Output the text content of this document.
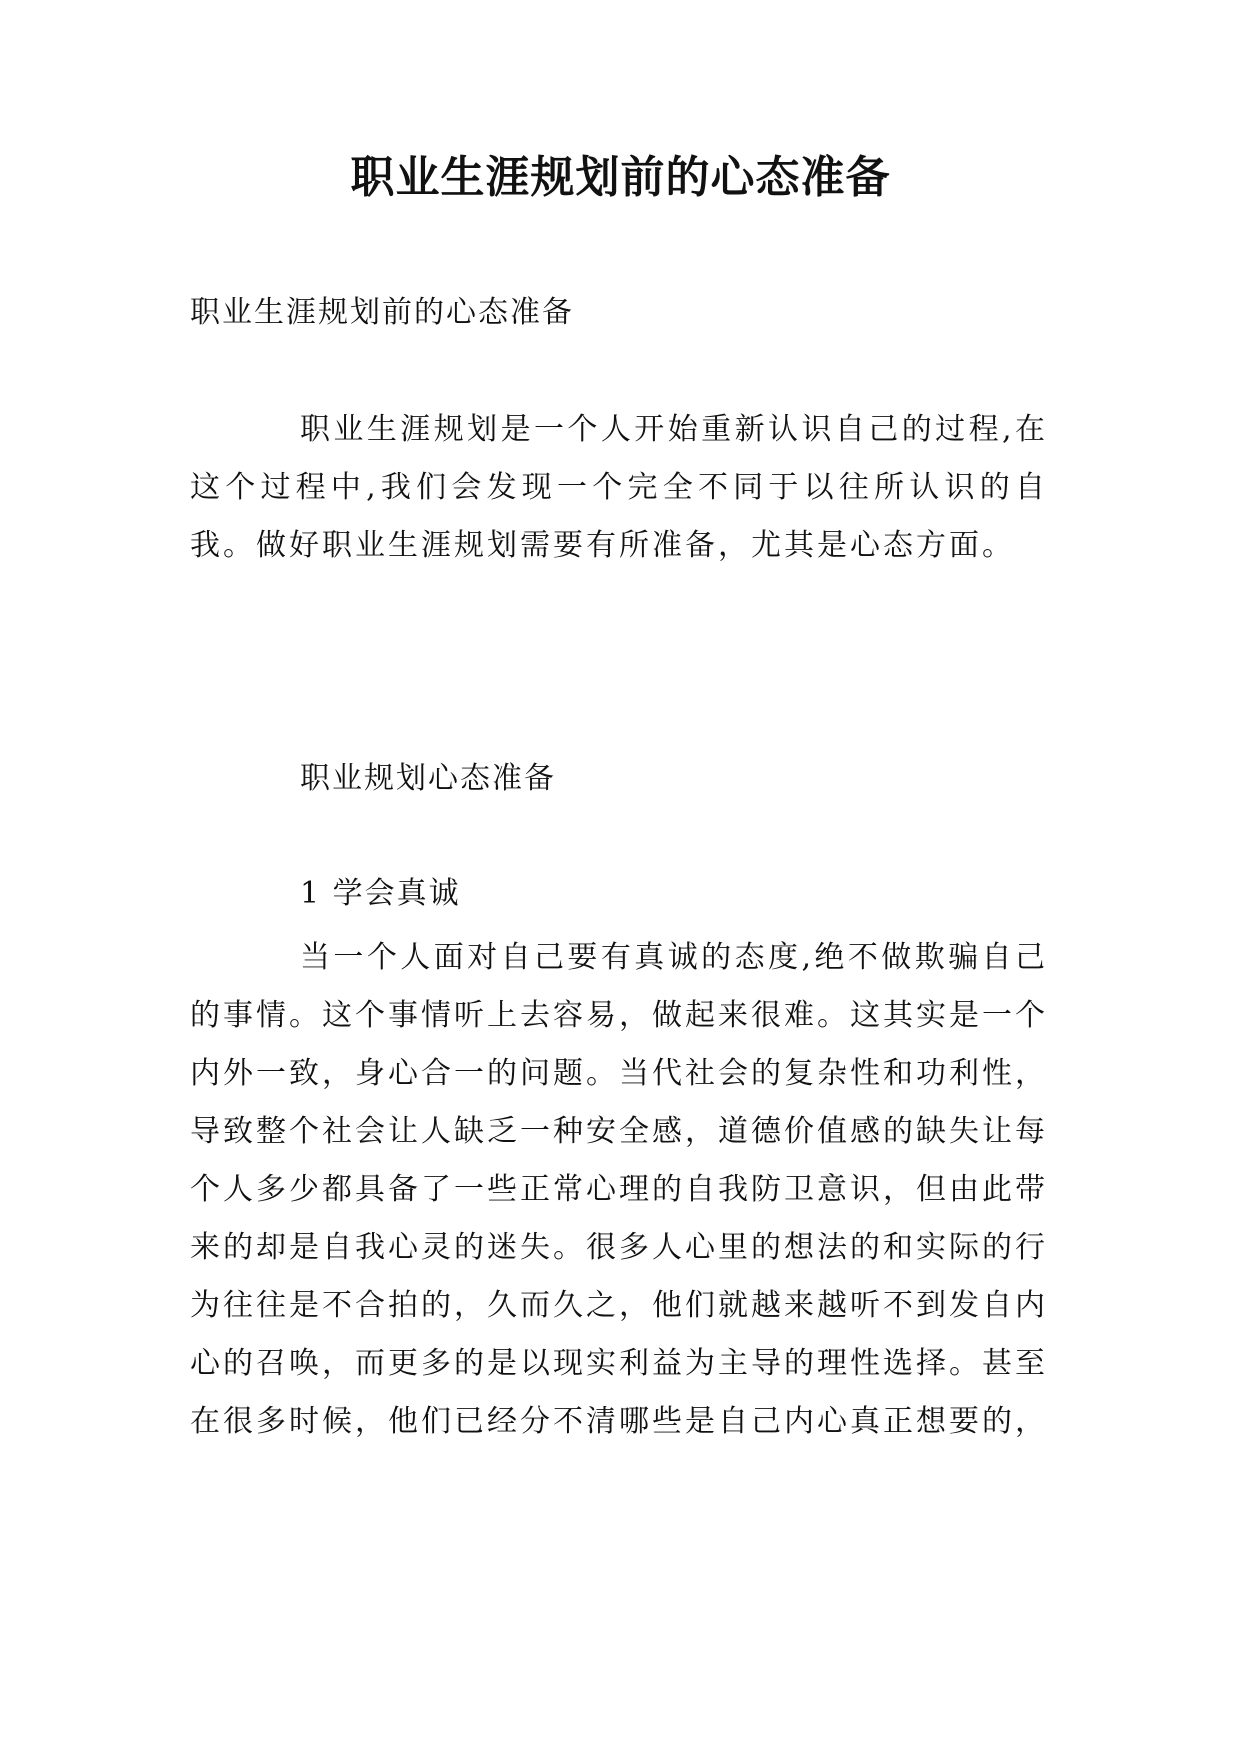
职业生涯规划前的心态准备

职业生涯规划前的心态准备

职业生涯规划是一个人开始重新认识自己的过程,在这个过程中,我们会发现一个完全不同于以往所认识的自我。做好职业生涯规划需要有所准备，尤其是心态方面。

职业规划心态准备

1 学会真诚

当一个人面对自己要有真诚的态度,绝不做欺骗自己的事情。这个事情听上去容易，做起来很难。这其实是一个内外一致，身心合一的问题。当代社会的复杂性和功利性，导致整个社会让人缺乏一种安全感，道德价值感的缺失让每个人多少都具备了一些正常心理的自我防卫意识，但由此带来的却是自我心灵的迷失。很多人心里的想法的和实际的行为往往是不合拍的，久而久之，他们就越来越听不到发自内心的召唤，而更多的是以现实利益为主导的理性选择。甚至在很多时候，他们已经分不清哪些是自己内心真正想要的，
